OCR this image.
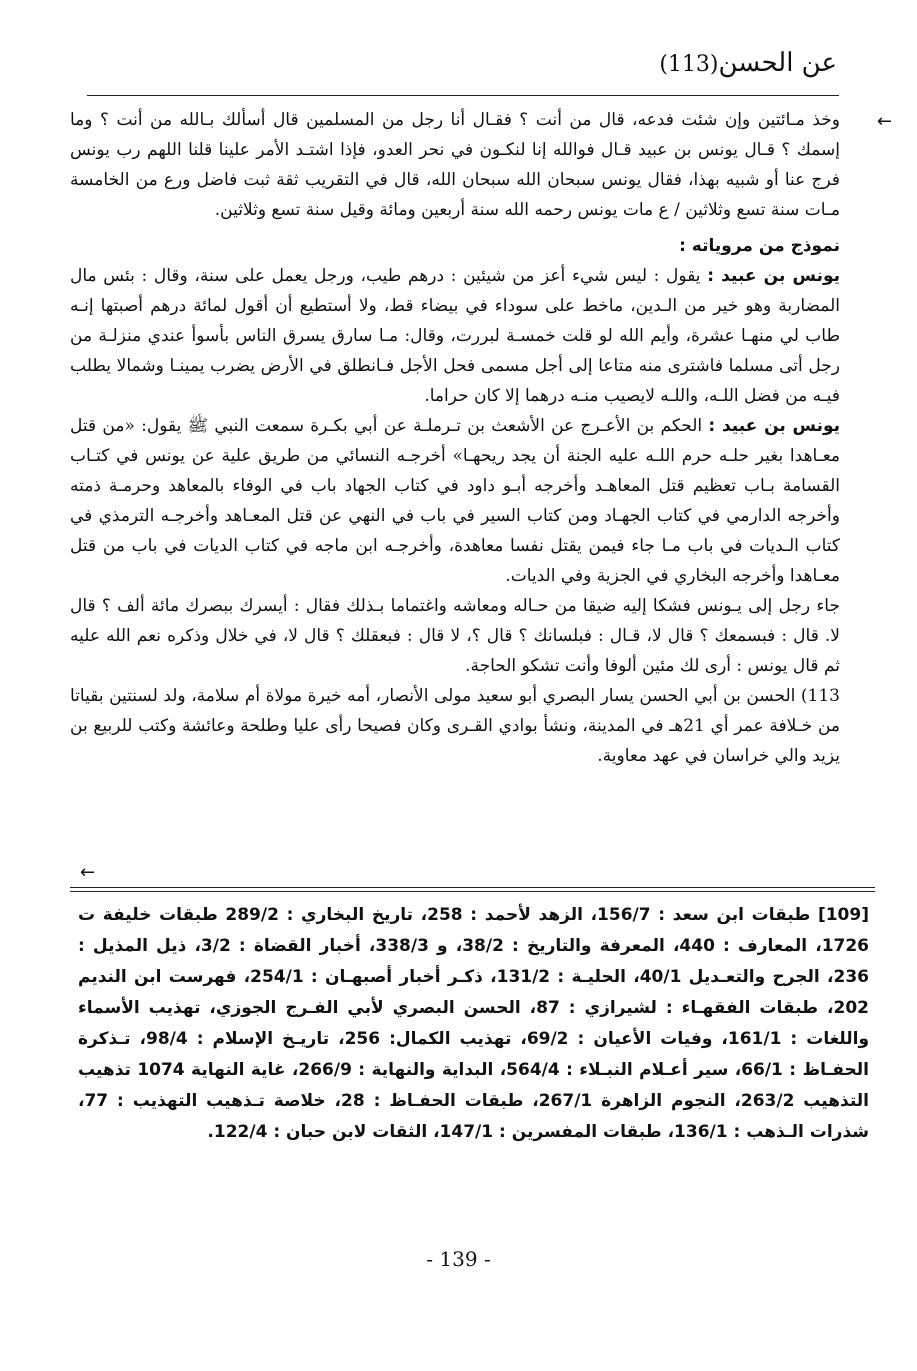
عن الحسن
(113)
←

وخذ مـائتين وإن شئت فدعه، قال من أنت ؟ فقـال أنا رجل من المسلمين قال أسألك بـالله من أنت ؟ وما إسمك ؟ قـال يونس بن عبيد قـال فوالله إنا لنكـون في نحر العدو، فإذا اشتـد الأمر علينا قلنا اللهم رب يونس فرج عنا أو شبيه بهذا، فقال يونس سبحان الله سبحان الله، قال في التقريب ثقة ثبت فاضل ورع من الخامسة مـات سنة تسع وثلاثين / ع مات يونس رحمه الله سنة أربعين ومائة وقيل سنة تسع وثلاثين.

نموذج من مروياته :

يونس بن عبيد : يقول : ليس شيء أعز من شيئين : درهم طيب، ورجل يعمل على سنة، وقال : بئس مال المضاربة وهو خير من الـدين، ماخط على سوداء في بيضاء قط، ولا أستطيع أن أقول لمائة درهم أصبتها إنـه طاب لي منهـا عشرة، وأيم الله لو قلت خمسـة لبررت، وقال: مـا سارق يسرق الناس بأسوأ عندي منزلـة من رجل أتى مسلما فاشترى منه متاعا إلى أجل مسمى فحل الأجل فـانطلق في الأرض يضرب يمينـا وشمالا يطلب فيـه من فضل اللـه، واللـه لايصيب منـه درهما إلا كان حراما.

يونس بن عبيد : الحكم بن الأعـرج عن الأشعث بن تـرملـة عن أبي بكـرة سمعت النبي ﷺ يقول: «من قتل معـاهدا بغير حلـه حرم اللـه عليه الجنة أن يجد ريحهـا» أخرجـه النسائي من طريق علية عن يونس في كتـاب القسامة بـاب تعظيم قتل المعاهـد وأخرجه أبـو داود في كتاب الجهاد باب في الوفاء بالمعاهد وحرمـة ذمته وأخرجه الدارمي في كتاب الجهـاد ومن كتاب السير في باب في النهي عن قتل المعـاهد وأخرجـه الترمذي في كتاب الـديات في باب مـا جاء فيمن يقتل نفسا معاهدة، وأخرجـه ابن ماجه في كتاب الديات في باب من قتل معـاهدا وأخرجه البخاري في الجزية وفي الديات.

جاء رجل إلى يـونس فشكا إليه ضيقا من حـاله ومعاشه واغتماما بـذلك فقال : أيسرك ببصرك مائة ألف ؟ قال لا. قال : فبسمعك ؟ قال لا، قـال : فبلسانك ؟ قال ؟، لا قال : فبعقلك ؟ قال لا، في خلال وذكره نعم الله عليه ثم قال يونس : أرى لك مئين ألوفا وأنت تشكو الحاجة.

113) الحسن بن أبي الحسن يسار البصري أبو سعيد مولى الأنصار، أمه خيرة مولاة أم سلامة، ولد لسنتين بقياتا من خـلافة عمر أي 21هـ في المدينة، ونشأ بوادي القـرى وكان فصيحا رأى عليا وطلحة وعائشة وكتب للربيع بن يزيد والي خراسان في عهد معاوية.

←

[109] طبقات ابن سعد : 156/7، الزهد لأحمد : 258، تاريخ البخاري : 289/2 طبقات خليفة ت 1726، المعارف : 440، المعرفة والتاريخ : 38/2، و 338/3، أخبار القضاة : 3/2، ذيل المذيل : 236، الجرح والتعـديل 40/1، الحليـة : 131/2، ذكـر أخبار أصبهـان : 254/1، فهرست ابن النديم 202، طبقات الفقهـاء : لشيرازي : 87، الحسن البصري لأبي الفـرج الجوزي، تهذيب الأسماء واللغات : 161/1، وفيات الأعيان : 69/2، تهذيب الكمال: 256، تاريـخ الإسلام : 98/4، تـذكرة الحفـاظ : 66/1، سير أعـلام النبـلاء : 564/4، البداية والنهاية : 266/9، غاية النهاية 1074 تذهيب التذهيب 263/2، النجوم الزاهرة 267/1، طبقات الحفـاظ : 28، خلاصة تـذهيب التهذيب : 77، شذرات الـذهب : 136/1، طبقات المفسرين : 147/1، الثقات لابن حبان : 122/4.

- 139 -
